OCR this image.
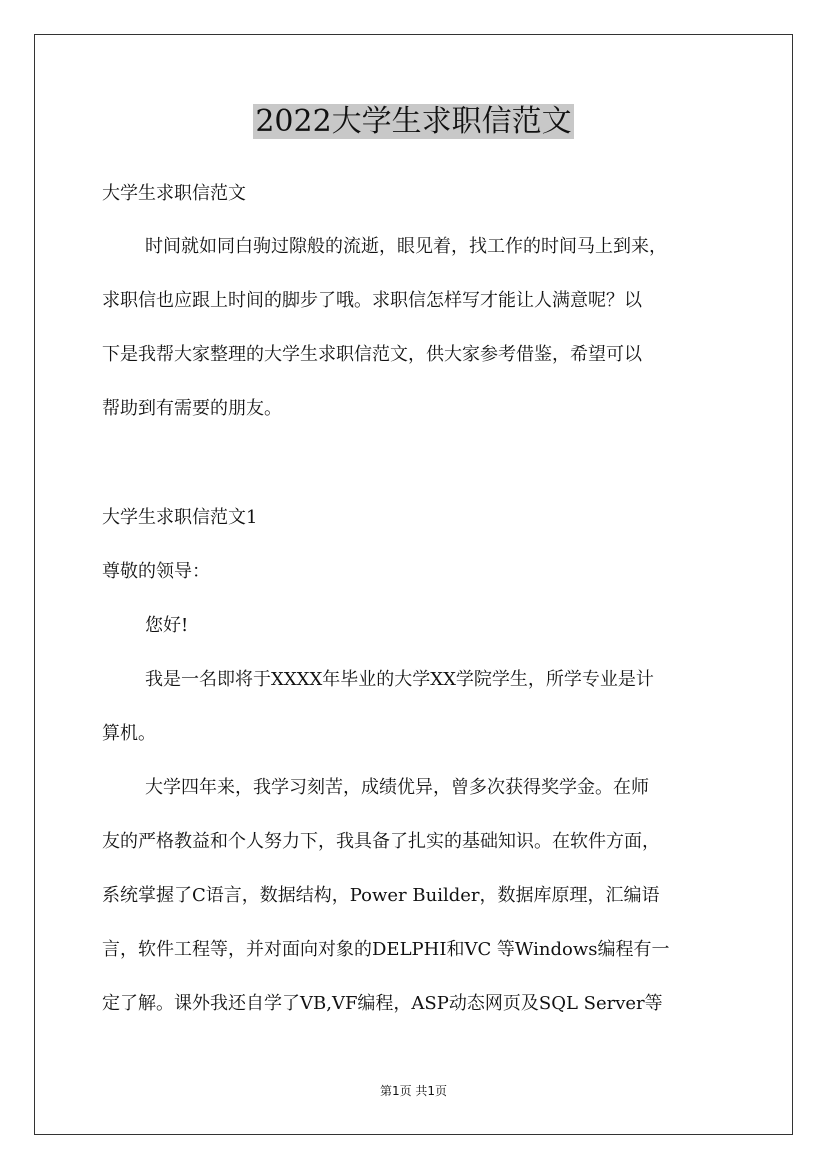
2022大学生求职信范文

大学生求职信范文

时间就如同白驹过隙般的流逝，眼见着，找工作的时间马上到来，

求职信也应跟上时间的脚步了哦。求职信怎样写才能让人满意呢？以

下是我帮大家整理的大学生求职信范文，供大家参考借鉴，希望可以

帮助到有需要的朋友。

大学生求职信范文1

尊敬的领导：

您好!

我是一名即将于XXXX年毕业的大学XX学院学生，所学专业是计

算机。

大学四年来，我学习刻苦，成绩优异，曾多次获得奖学金。在师

友的严格教益和个人努力下，我具备了扎实的基础知识。在软件方面，

系统掌握了C语言，数据结构，Power Builder，数据库原理，汇编语

言，软件工程等，并对面向对象的DELPHI和VC 等Windows编程有一

定了解。课外我还自学了VB,VF编程，ASP动态网页及SQL Server等

第1页 共1页
